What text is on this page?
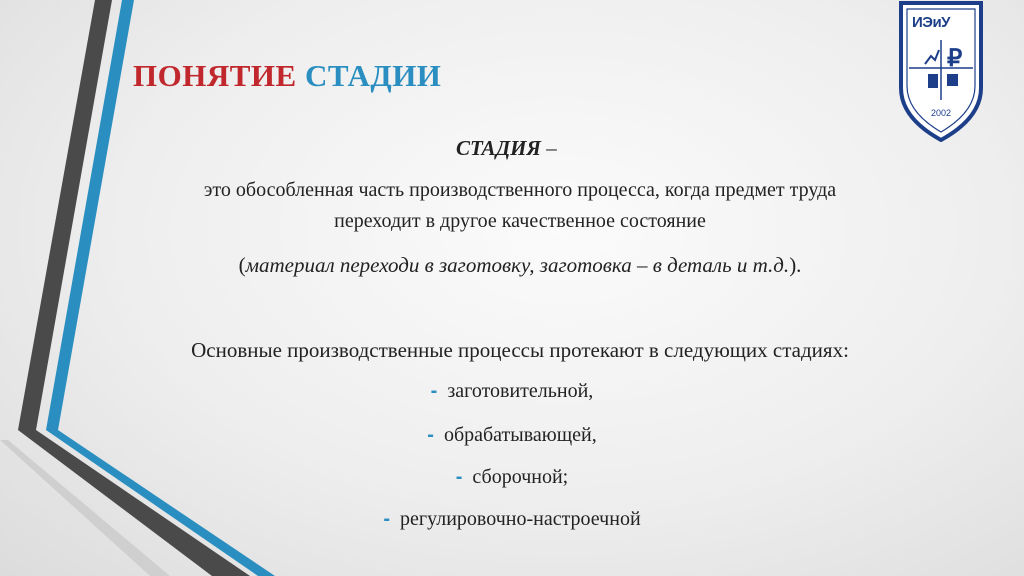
ПОНЯТИЕ СТАДИИ	₽
ИЭиУ
2002
СТАДИЯ –
это обособленная часть производственного процесса, когда предмет труда
переходит в другое качественное состояние
(материал переходи в заготовку, заготовка – в деталь и т.д.).
Основные производственные процессы протекают в следующих стадиях:
- заготовительной,
- обрабатывающей,
- сборочной;
- регулировочно-настроечной
